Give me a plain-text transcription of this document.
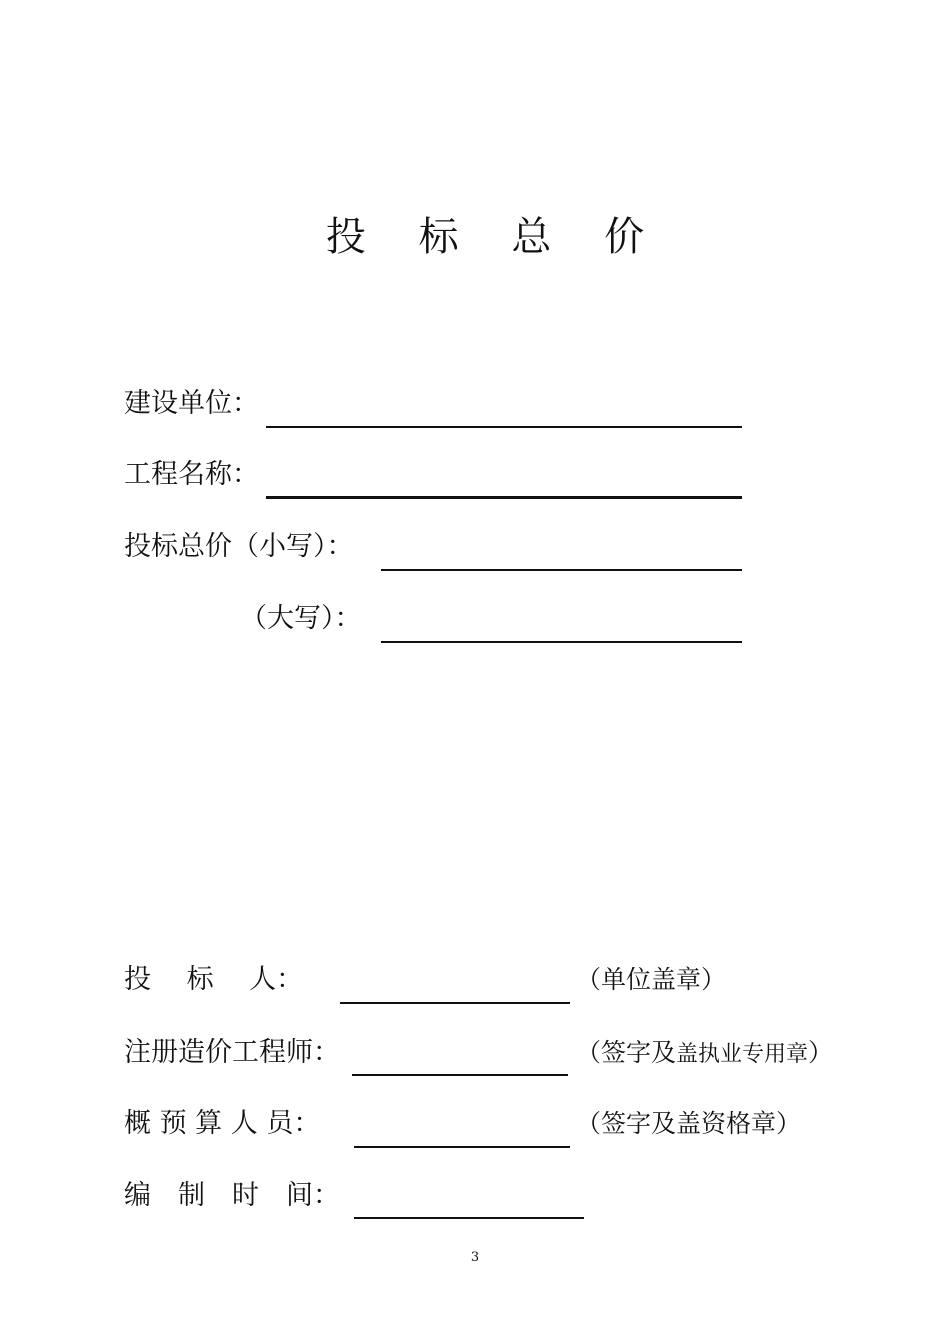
投 标 总 价
建设单位：
工程名称：
投标总价（小写）：
（大写）：
投　 标　 人：	（单位盖章）
注册造价工程师：	（签字及盖执业专用章）
概 预 算 人 员：	（签字及盖资格章）
编　制　时　间：
3
